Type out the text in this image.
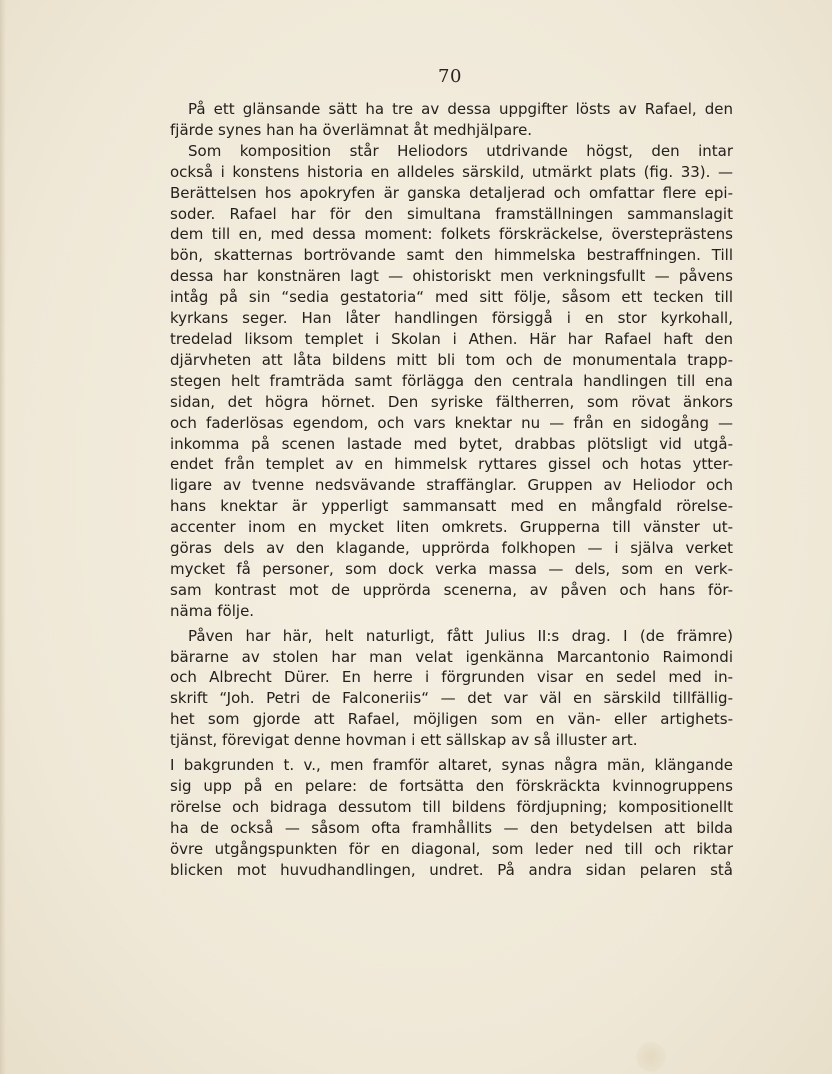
70
På ett glänsande sätt ha tre av dessa uppgifter lösts av Rafael, den
fjärde synes han ha överlämnat åt medhjälpare.
Som komposition står Heliodors utdrivande högst, den intar
också i konstens historia en alldeles särskild, utmärkt plats (fig. 33). —
Berättelsen hos apokryfen är ganska detaljerad och omfattar flere epi-
soder. Rafael har för den simultana framställningen sammanslagit
dem till en, med dessa moment: folkets förskräckelse, översteprästens
bön, skatternas bortrövande samt den himmelska bestraffningen. Till
dessa har konstnären lagt — ohistoriskt men verkningsfullt — påvens
intåg på sin “sedia gestatoria“ med sitt följe, såsom ett tecken till
kyrkans seger. Han låter handlingen försiggå i en stor kyrkohall,
tredelad liksom templet i Skolan i Athen. Här har Rafael haft den
djärvheten att låta bildens mitt bli tom och de monumentala trapp-
stegen helt framträda samt förlägga den centrala handlingen till ena
sidan, det högra hörnet. Den syriske fältherren, som rövat änkors
och faderlösas egendom, och vars knektar nu — från en sidogång —
inkomma på scenen lastade med bytet, drabbas plötsligt vid utgå-
endet från templet av en himmelsk ryttares gissel och hotas ytter-
ligare av tvenne nedsvävande straffänglar. Gruppen av Heliodor och
hans knektar är ypperligt sammansatt med en mångfald rörelse-
accenter inom en mycket liten omkrets. Grupperna till vänster ut-
göras dels av den klagande, upprörda folkhopen — i själva verket
mycket få personer, som dock verka massa — dels, som en verk-
sam kontrast mot de upprörda scenerna, av påven och hans för-
näma följe.
Påven har här, helt naturligt, fått Julius II:s drag. I (de främre)
bärarne av stolen har man velat igenkänna Marcantonio Raimondi
och Albrecht Dürer. En herre i förgrunden visar en sedel med in-
skrift “Joh. Petri de Falconeriis“ — det var väl en särskild tillfällig-
het som gjorde att Rafael, möjligen som en vän- eller artighets-
tjänst, förevigat denne hovman i ett sällskap av så illuster art.
I bakgrunden t. v., men framför altaret, synas några män, klängande
sig upp på en pelare: de fortsätta den förskräckta kvinnogruppens
rörelse och bidraga dessutom till bildens fördjupning; kompositionellt
ha de också — såsom ofta framhållits — den betydelsen att bilda
övre utgångspunkten för en diagonal, som leder ned till och riktar
blicken mot huvudhandlingen, undret. På andra sidan pelaren stå
